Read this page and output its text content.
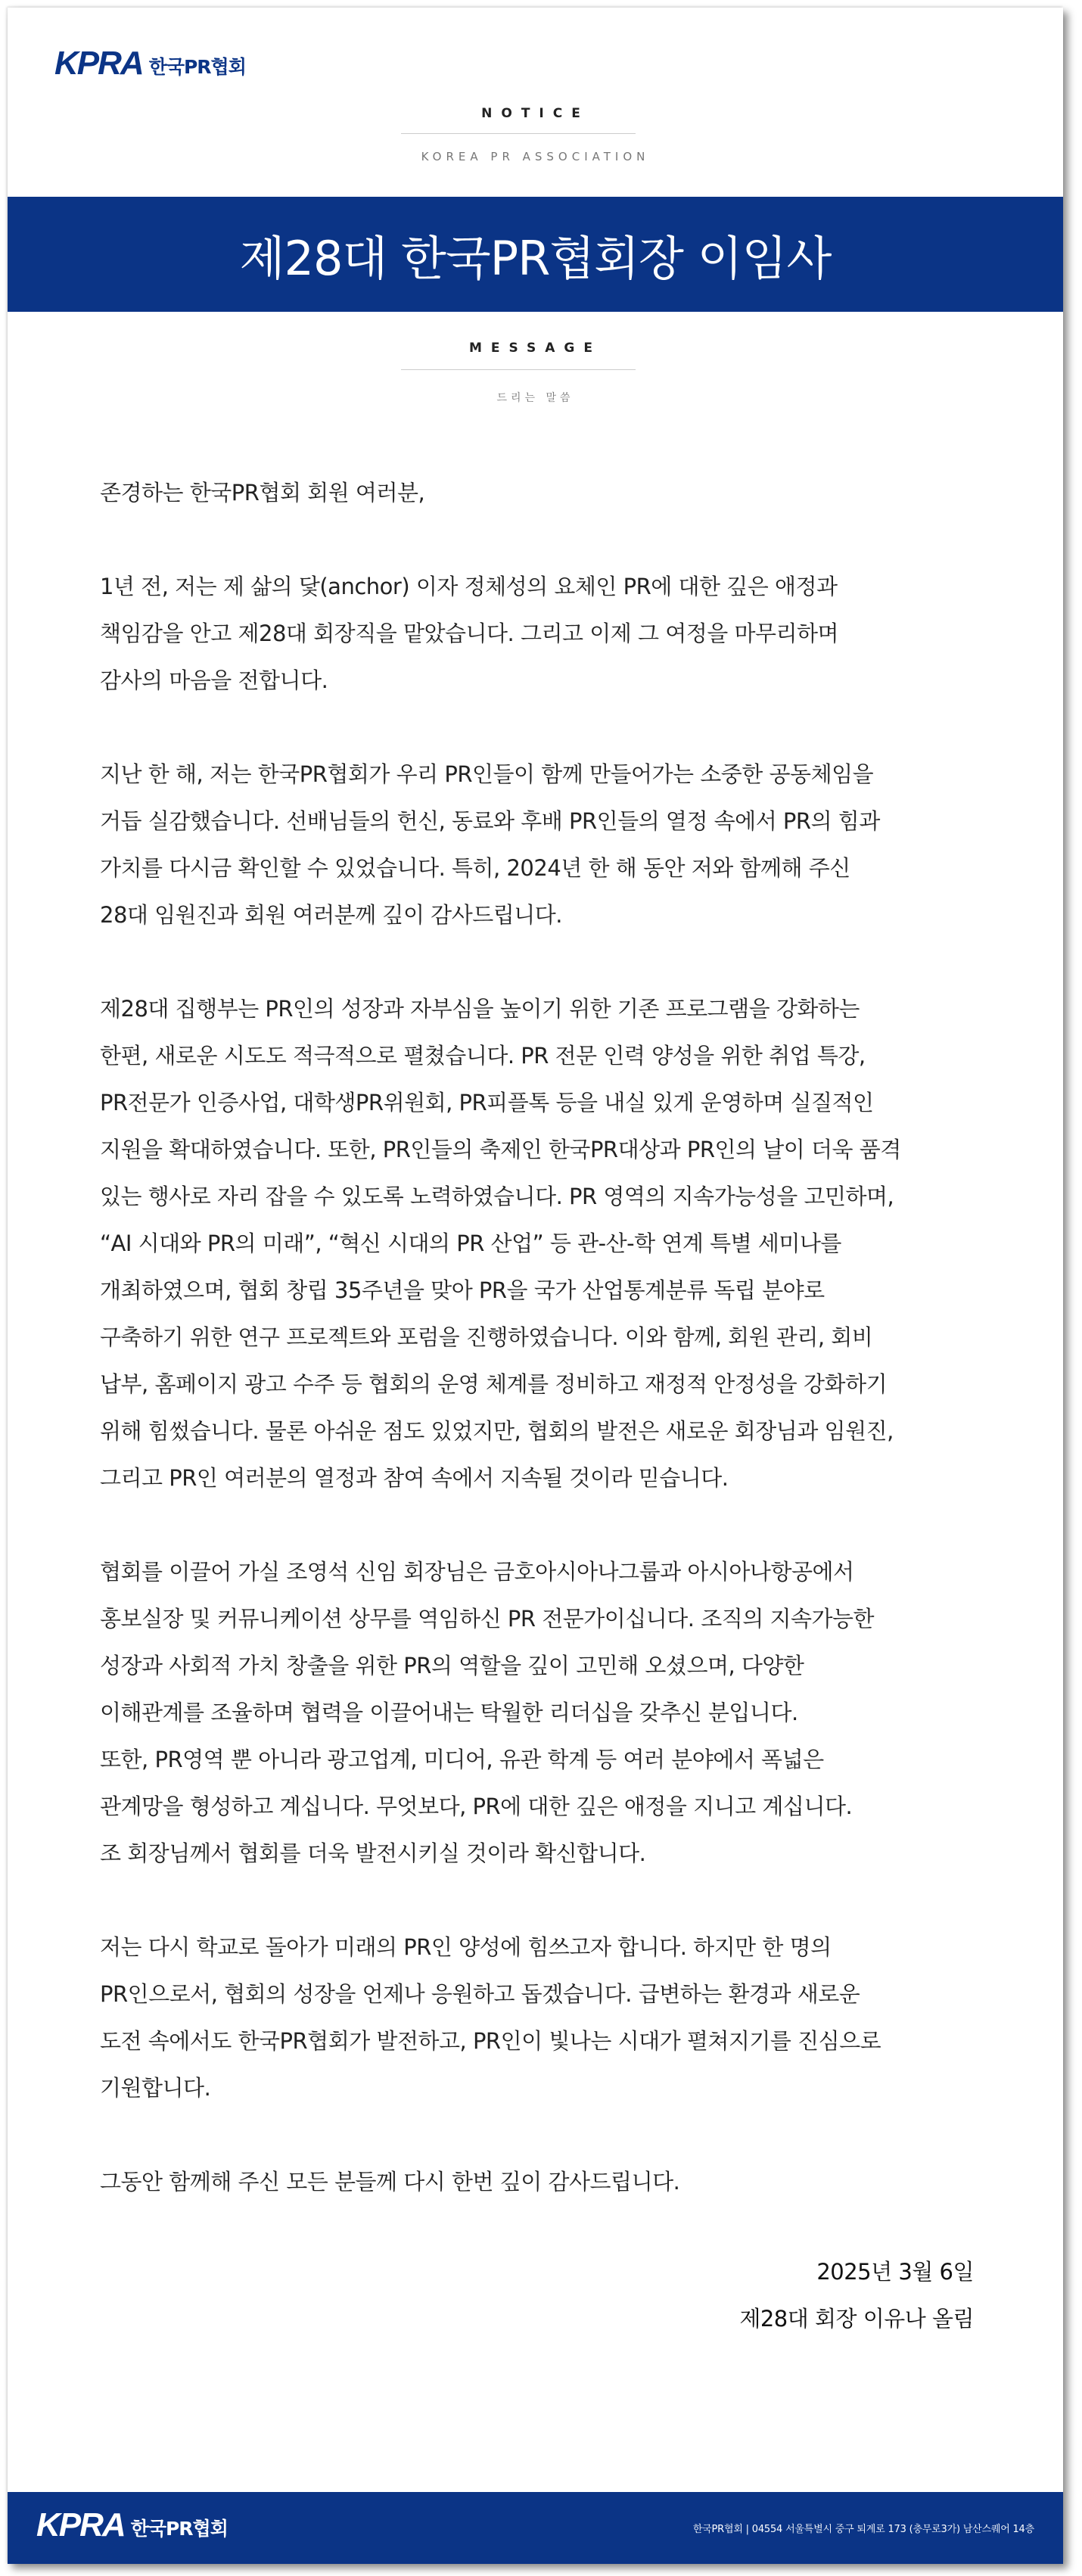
KPRA 한국PR협회
NOTICE
KOREA PR ASSOCIATION
제28대 한국PR협회장 이임사
MESSAGE
드리는 말씀

존경하는 한국PR협회 회원 여러분,

1년 전, 저는 제 삶의 닻(anchor) 이자 정체성의 요체인 PR에 대한 깊은 애정과
책임감을 안고 제28대 회장직을 맡았습니다. 그리고 이제 그 여정을 마무리하며
감사의 마음을 전합니다.

지난 한 해, 저는 한국PR협회가 우리 PR인들이 함께 만들어가는 소중한 공동체임을
거듭 실감했습니다. 선배님들의 헌신, 동료와 후배 PR인들의 열정 속에서 PR의 힘과
가치를 다시금 확인할 수 있었습니다. 특히, 2024년 한 해 동안 저와 함께해 주신
28대 임원진과 회원 여러분께 깊이 감사드립니다.

제28대 집행부는 PR인의 성장과 자부심을 높이기 위한 기존 프로그램을 강화하는
한편, 새로운 시도도 적극적으로 펼쳤습니다. PR 전문 인력 양성을 위한 취업 특강,
PR전문가 인증사업, 대학생PR위원회, PR피플톡 등을 내실 있게 운영하며 실질적인
지원을 확대하였습니다. 또한, PR인들의 축제인 한국PR대상과 PR인의 날이 더욱 품격
있는 행사로 자리 잡을 수 있도록 노력하였습니다. PR 영역의 지속가능성을 고민하며,
“AI 시대와 PR의 미래”, “혁신 시대의 PR 산업” 등 관-산-학 연계 특별 세미나를
개최하였으며, 협회 창립 35주년을 맞아 PR을 국가 산업통계분류 독립 분야로
구축하기 위한 연구 프로젝트와 포럼을 진행하였습니다. 이와 함께, 회원 관리, 회비
납부, 홈페이지 광고 수주 등 협회의 운영 체계를 정비하고 재정적 안정성을 강화하기
위해 힘썼습니다. 물론 아쉬운 점도 있었지만, 협회의 발전은 새로운 회장님과 임원진,
그리고 PR인 여러분의 열정과 참여 속에서 지속될 것이라 믿습니다.

협회를 이끌어 가실 조영석 신임 회장님은 금호아시아나그룹과 아시아나항공에서
홍보실장 및 커뮤니케이션 상무를 역임하신 PR 전문가이십니다. 조직의 지속가능한
성장과 사회적 가치 창출을 위한 PR의 역할을 깊이 고민해 오셨으며, 다양한
이해관계를 조율하며 협력을 이끌어내는 탁월한 리더십을 갖추신 분입니다.
또한, PR영역 뿐 아니라 광고업계, 미디어, 유관 학계 등 여러 분야에서 폭넓은
관계망을 형성하고 계십니다. 무엇보다, PR에 대한 깊은 애정을 지니고 계십니다.
조 회장님께서 협회를 더욱 발전시키실 것이라 확신합니다.

저는 다시 학교로 돌아가 미래의 PR인 양성에 힘쓰고자 합니다. 하지만 한 명의
PR인으로서, 협회의 성장을 언제나 응원하고 돕겠습니다. 급변하는 환경과 새로운
도전 속에서도 한국PR협회가 발전하고, PR인이 빛나는 시대가 펼쳐지기를 진심으로
기원합니다.

그동안 함께해 주신 모든 분들께 다시 한번 깊이 감사드립니다.

2025년 3월 6일
제28대 회장 이유나 올림
KPRA 한국PR협회	한국PR협회 | 04554 서울특별시 중구 퇴계로 173 (충무로3가) 남산스퀘어 14층
